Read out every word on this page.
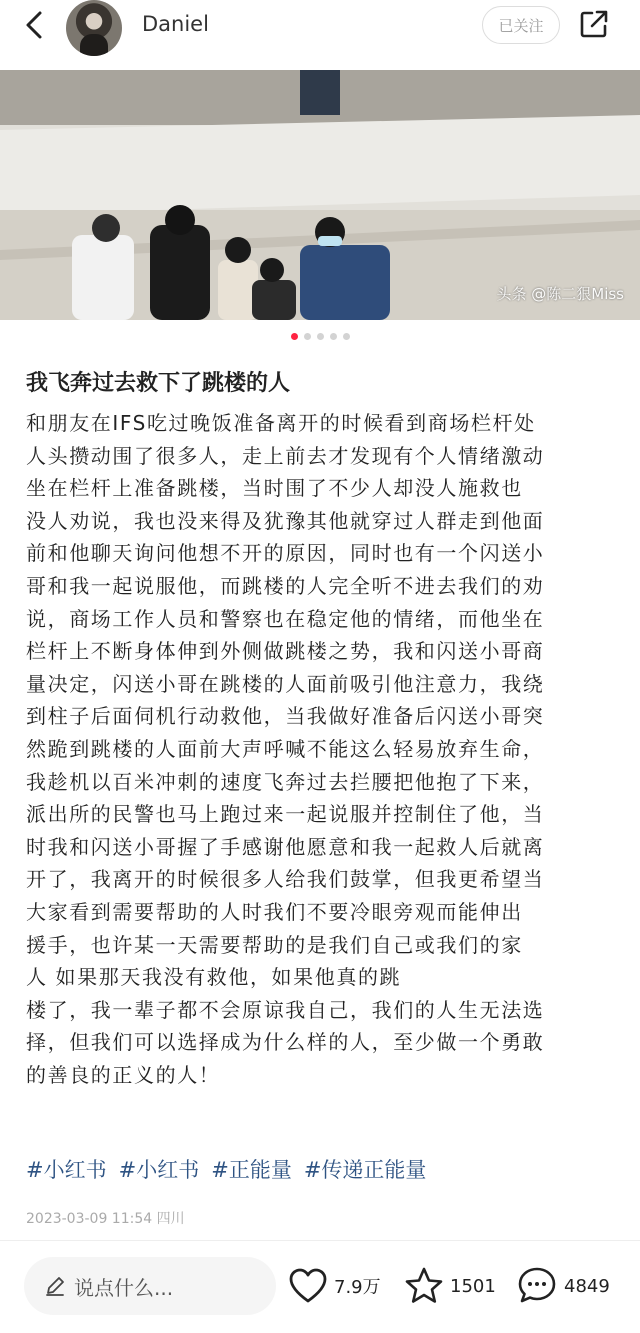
Daniel	已关注
头条 @陈二狠Miss
我飞奔过去救下了跳楼的人
和朋友在IFS吃过晚饭准备离开的时候看到商场栏杆处
人头攒动围了很多人，走上前去才发现有个人情绪激动
坐在栏杆上准备跳楼，当时围了不少人却没人施救也
没人劝说，我也没来得及犹豫其他就穿过人群走到他面
前和他聊天询问他想不开的原因，同时也有一个闪送小
哥和我一起说服他，而跳楼的人完全听不进去我们的劝
说，商场工作人员和警察也在稳定他的情绪，而他坐在
栏杆上不断身体伸到外侧做跳楼之势，我和闪送小哥商
量决定，闪送小哥在跳楼的人面前吸引他注意力，我绕
到柱子后面伺机行动救他，当我做好准备后闪送小哥突
然跪到跳楼的人面前大声呼喊不能这么轻易放弃生命，
我趁机以百米冲刺的速度飞奔过去拦腰把他抱了下来，
派出所的民警也马上跑过来一起说服并控制住了他，当
时我和闪送小哥握了手感谢他愿意和我一起救人后就离
开了，我离开的时候很多人给我们鼓掌，但我更希望当
大家看到需要帮助的人时我们不要冷眼旁观而能伸出
援手，也许某一天需要帮助的是我们自己或我们的家
人 如果那天我没有救他，如果他真的跳
楼了，我一辈子都不会原谅我自己，我们的人生无法选
择，但我们可以选择成为什么样的人，至少做一个勇敢
的善良的正义的人！
#小红书 #小红书 #正能量 #传递正能量
2023-03-09 11:54 四川
说点什么...	7.9万	1501	4849
